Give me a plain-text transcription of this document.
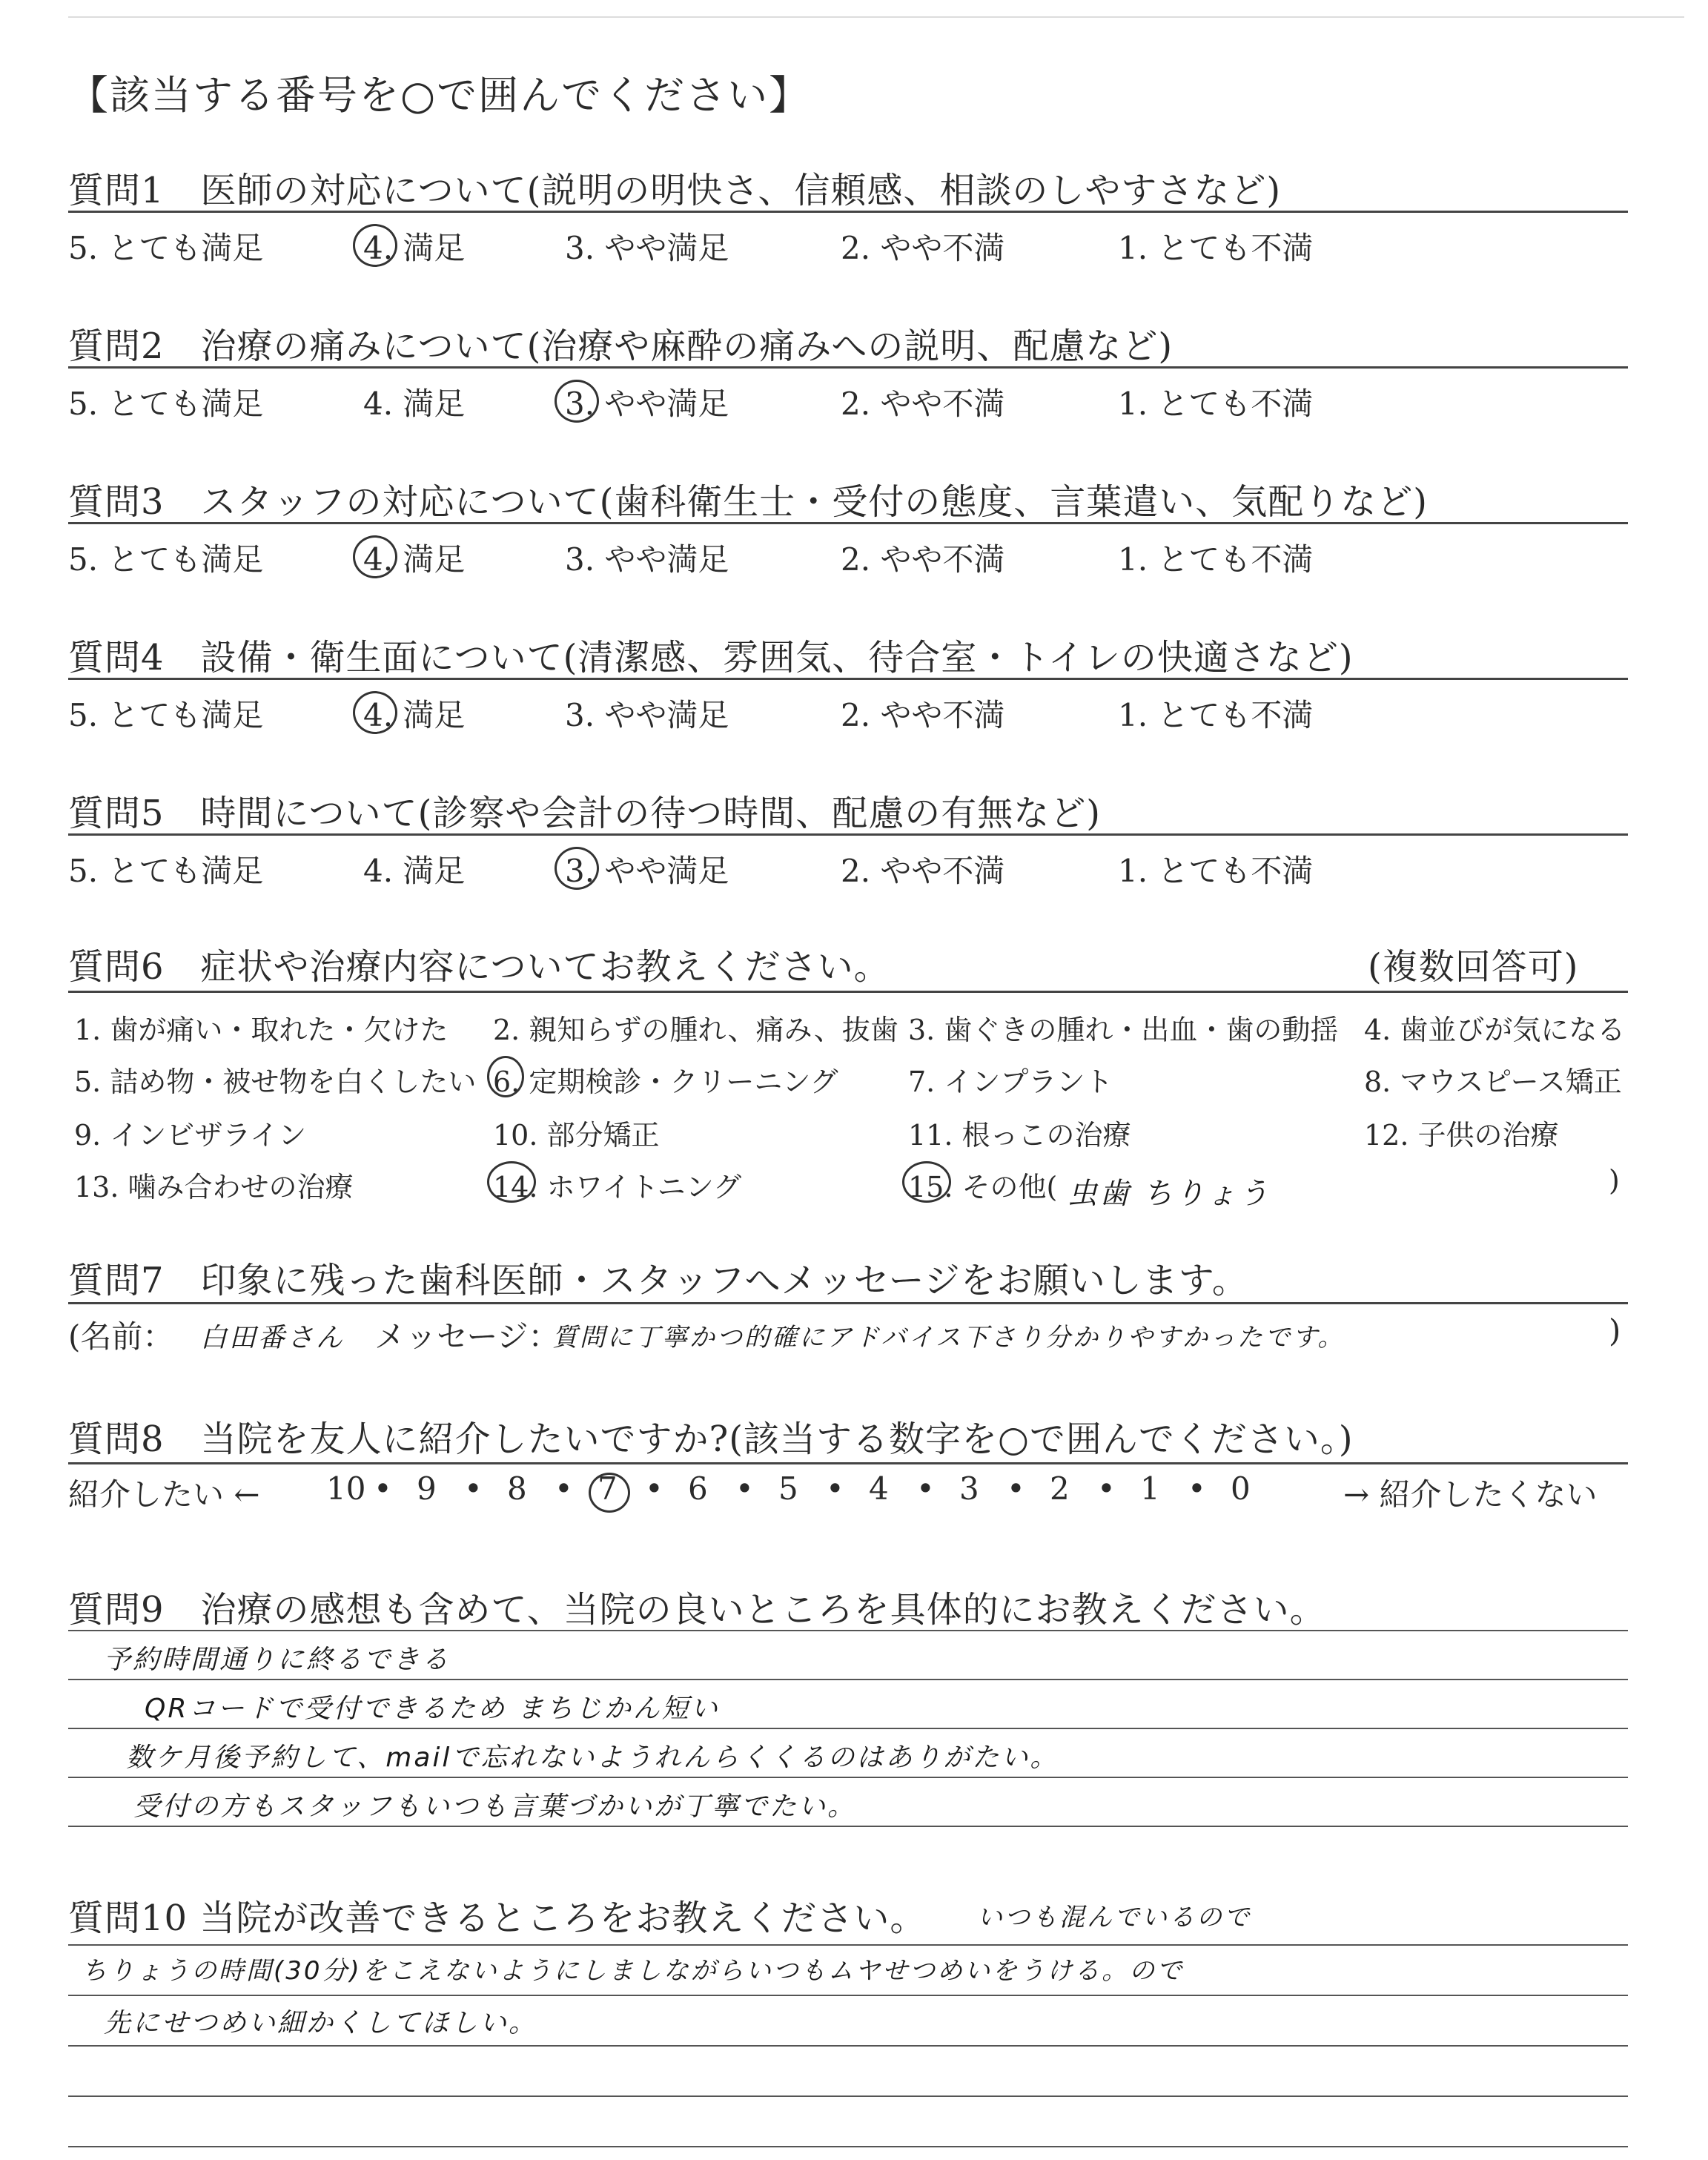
【該当する番号を○で囲んでください】
質問1　医師の対応について(説明の明快さ、信頼感、相談のしやすさなど)
5. とても満足	4. 満足	3. やや満足	2. やや不満	1. とても不満
質問2　治療の痛みについて(治療や麻酔の痛みへの説明、配慮など)
5. とても満足	4. 満足	3. やや満足	2. やや不満	1. とても不満
質問3　スタッフの対応について(歯科衛生士・受付の態度、言葉遣い、気配りなど)
5. とても満足	4. 満足	3. やや満足	2. やや不満	1. とても不満
質問4　設備・衛生面について(清潔感、雰囲気、待合室・トイレの快適さなど)
5. とても満足	4. 満足	3. やや満足	2. やや不満	1. とても不満
質問5　時間について(診察や会計の待つ時間、配慮の有無など)
5. とても満足	4. 満足	3. やや満足	2. やや不満	1. とても不満
質問6　症状や治療内容についてお教えください。	(複数回答可)
1. 歯が痛い・取れた・欠けた 2. 親知らずの腫れ、痛み、抜歯 3. 歯ぐきの腫れ・出血・歯の動揺 4. 歯並びが気になる
5. 詰め物・被せ物を白くしたい 6. 定期検診・クリーニング 7. インプラント	8. マウスピース矯正
9. インビザライン	10. 部分矯正	11. 根っこの治療	12. 子供の治療
13. 噛み合わせの治療	14. ホワイトニング	15. その他(	)
虫歯 ちりょう
質問7　印象に残った歯科医師・スタッフへメッセージをお願いします。
(名前： 白田番さん メッセージ：
質問に丁寧かつ的確にアドバイス下さり分かりやすかったです。	)
質問8　当院を友人に紹介したいですか?(該当する数字を○で囲んでください。)
紹介したい ← 10 • 9 • 8 • 7 • 6 • 5 • 4 • 3 • 2 • 1 • 0	→ 紹介したくない
質問9　治療の感想も含めて、当院の良いところを具体的にお教えください。
予約時間通りに終るできる
QRコードで受付できるため まちじかん短い
数ケ月後予約して、mailで忘れないようれんらくくるのはありがたい。
受付の方もスタッフもいつも言葉づかいが丁寧でたい。
質問10 当院が改善できるところをお教えください。 いつも混んでいるので
ちりょうの時間(30分)をこえないようにしましながらいつもムヤせつめいをうける。ので
先にせつめい細かくしてほしい。
